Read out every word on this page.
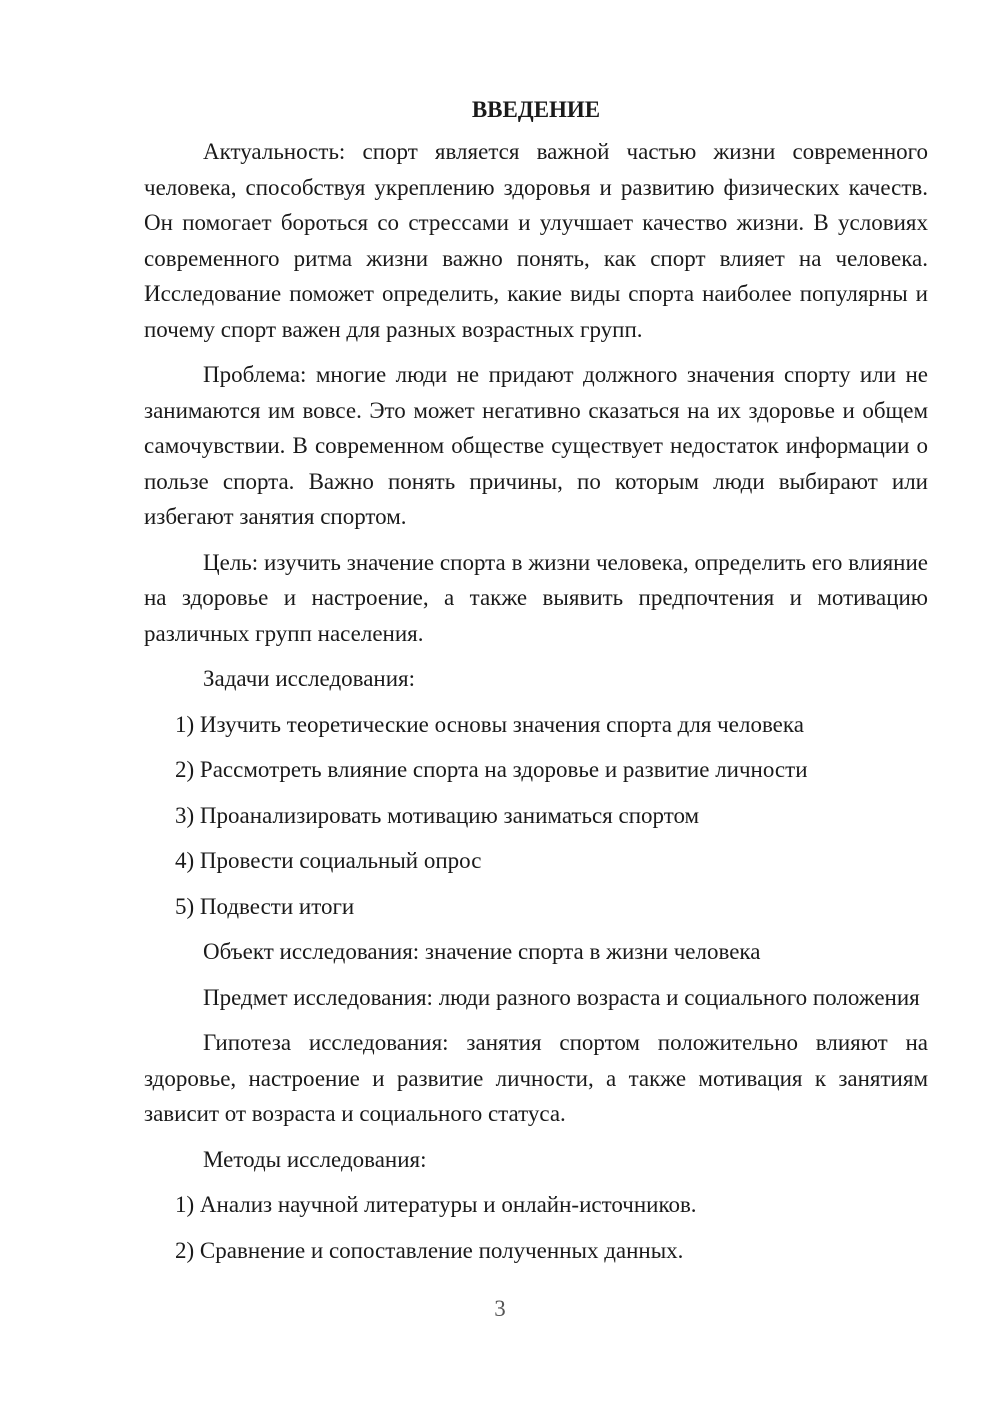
ВВЕДЕНИЕ

Актуальность: спорт является важной частью жизни современного человека, способствуя укреплению здоровья и развитию физических качеств. Он помогает бороться со стрессами и улучшает качество жизни. В условиях современного ритма жизни важно понять, как спорт влияет на человека. Исследование поможет определить, какие виды спорта наиболее популярны и почему спорт важен для разных возрастных групп.

Проблема: многие люди не придают должного значения спорту или не занимаются им вовсе. Это может негативно сказаться на их здоровье и общем самочувствии. В современном обществе существует недостаток информации о пользе спорта. Важно понять причины, по которым люди выбирают или избегают занятия спортом.

Цель: изучить значение спорта в жизни человека, определить его влияние на здоровье и настроение, а также выявить предпочтения и мотивацию различных групп населения.

Задачи исследования:

1) Изучить теоретические основы значения спорта для человека

2) Рассмотреть влияние спорта на здоровье и развитие личности

3) Проанализировать мотивацию заниматься спортом

4) Провести социальный опрос

5) Подвести итоги

Объект исследования: значение спорта в жизни человека

Предмет исследования: люди разного возраста и социального положения

Гипотеза исследования: занятия спортом положительно влияют на здоровье, настроение и развитие личности, а также мотивация к занятиям зависит от возраста и социального статуса.

Методы исследования:

1) Анализ научной литературы и онлайн-источников.

2) Сравнение и сопоставление полученных данных.

3
